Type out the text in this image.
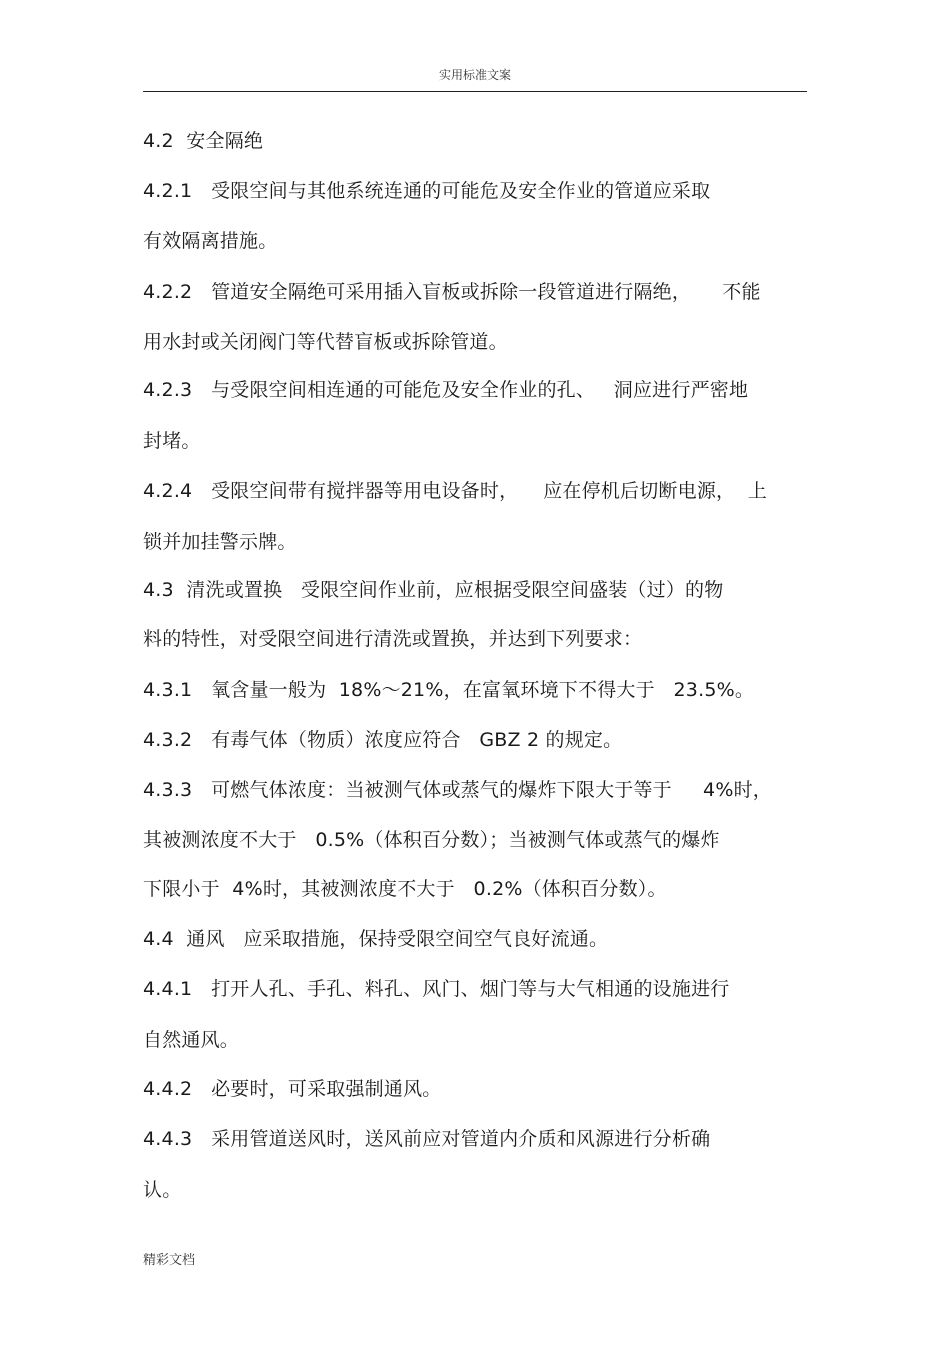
实用标准文案
4.2  安全隔绝
4.2.1   受限空间与其他系统连通的可能危及安全作业的管道应采取
有效隔离措施。
4.2.2   管道安全隔绝可采用插入盲板或拆除一段管道进行隔绝，     不能
用水封或关闭阀门等代替盲板或拆除管道。
4.2.3   与受限空间相连通的可能危及安全作业的孔、   洞应进行严密地
封堵。
4.2.4   受限空间带有搅拌器等用电设备时，    应在停机后切断电源，  上
锁并加挂警示牌。
4.3  清洗或置换   受限空间作业前，应根据受限空间盛装（过）的物
料的特性，对受限空间进行清洗或置换，并达到下列要求：
4.3.1   氧含量一般为  18%～21%，在富氧环境下不得大于   23.5%。
4.3.2   有毒气体（物质）浓度应符合   GBZ 2 的规定。
4.3.3   可燃气体浓度：当被测气体或蒸气的爆炸下限大于等于     4%时，
其被测浓度不大于   0.5%（体积百分数）；当被测气体或蒸气的爆炸
下限小于  4%时，其被测浓度不大于   0.2%（体积百分数）。
4.4  通风   应采取措施，保持受限空间空气良好流通。
4.4.1   打开人孔、手孔、料孔、风门、烟门等与大气相通的设施进行
自然通风。
4.4.2   必要时，可采取强制通风。
4.4.3   采用管道送风时，送风前应对管道内介质和风源进行分析确
认。
精彩文档
